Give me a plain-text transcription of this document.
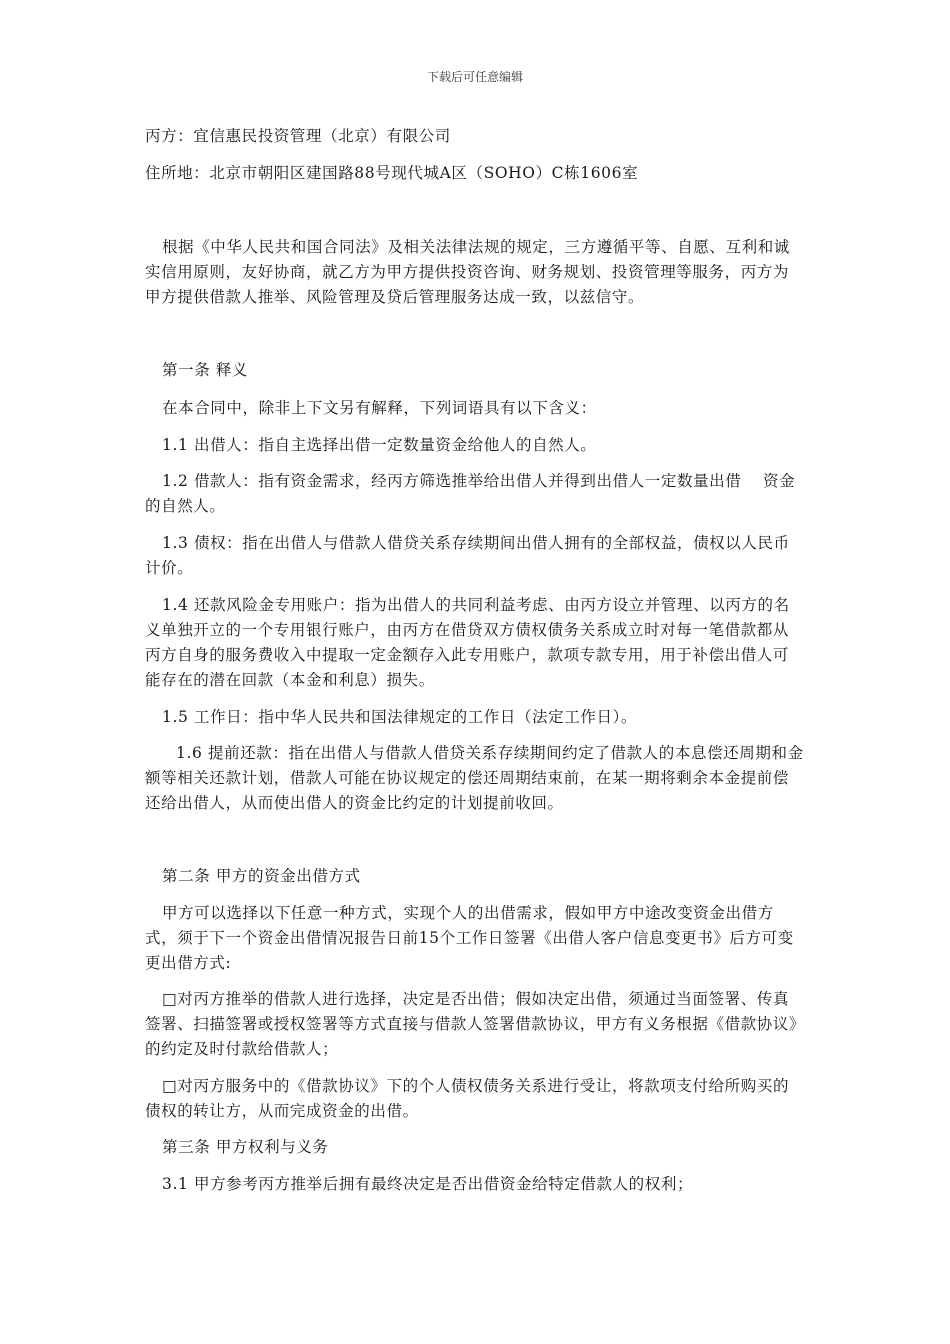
下载后可任意编辑

丙方：宜信惠民投资管理（北京）有限公司

住所地：北京市朝阳区建国路88号现代城A区（SOHO）C栋1606室

根据《中华人民共和国合同法》及相关法律法规的规定，三方遵循平等、自愿、互利和诚实信用原则，友好协商，就乙方为甲方提供投资咨询、财务规划、投资管理等服务，丙方为甲方提供借款人推举、风险管理及贷后管理服务达成一致，以兹信守。

第一条 释义

在本合同中，除非上下文另有解释，下列词语具有以下含义：

1.1 出借人：指自主选择出借一定数量资金给他人的自然人。

1.2 借款人：指有资金需求，经丙方筛选推举给出借人并得到出借人一定数量出借　 资金的自然人。

1.3 债权：指在出借人与借款人借贷关系存续期间出借人拥有的全部权益，债权以人民币计价。

1.4 还款风险金专用账户：指为出借人的共同利益考虑、由丙方设立并管理、以丙方的名义单独开立的一个专用银行账户，由丙方在借贷双方债权债务关系成立时对每一笔借款都从丙方自身的服务费收入中提取一定金额存入此专用账户，款项专款专用，用于补偿出借人可能存在的潜在回款（本金和利息）损失。

1.5 工作日：指中华人民共和国法律规定的工作日（法定工作日）。

1.6 提前还款：指在出借人与借款人借贷关系存续期间约定了借款人的本息偿还周期和金额等相关还款计划，借款人可能在协议规定的偿还周期结束前，在某一期将剩余本金提前偿还给出借人，从而使出借人的资金比约定的计划提前收回。

第二条 甲方的资金出借方式

甲方可以选择以下任意一种方式，实现个人的出借需求，假如甲方中途改变资金出借方式，须于下一个资金出借情况报告日前15个工作日签署《出借人客户信息变更书》后方可变更出借方式:

□对丙方推举的借款人进行选择，决定是否出借；假如决定出借，须通过当面签署、传真签署、扫描签署或授权签署等方式直接与借款人签署借款协议，甲方有义务根据《借款协议》的约定及时付款给借款人；

□对丙方服务中的《借款协议》下的个人债权债务关系进行受让，将款项支付给所购买的债权的转让方，从而完成资金的出借。

第三条 甲方权利与义务

3.1 甲方参考丙方推举后拥有最终决定是否出借资金给特定借款人的权利；
